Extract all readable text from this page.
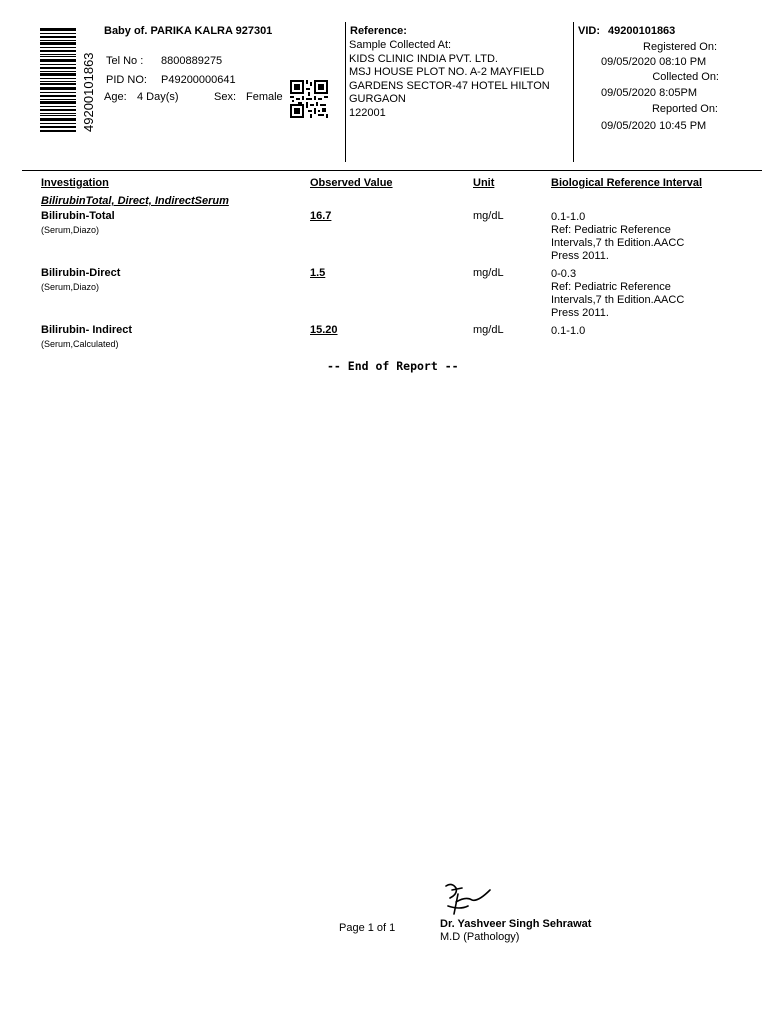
49200101863
Baby of. PARIKA KALRA 927301
Tel No : 8800889275
PID NO: P49200000641
Age: 4 Day(s)	Sex: Female
Reference:
Sample Collected At:
KIDS CLINIC INDIA PVT. LTD.
MSJ HOUSE PLOT NO. A-2 MAYFIELD
GARDENS SECTOR-47 HOTEL HILTON
GURGAON
122001
VID: 49200101863
Registered On:
09/05/2020 08:10 PM
Collected On:
09/05/2020 8:05PM
Reported On:
09/05/2020 10:45 PM
Investigation	Observed Value	Unit	Biological Reference Interval
BilirubinTotal, Direct, IndirectSerum
Bilirubin-Total
(Serum,Diazo)
16.7	mg/dL	0.1-1.0
Ref: Pediatric Reference
Intervals,7 th Edition.AACC
Press 2011.
Bilirubin-Direct
(Serum,Diazo)
1.5	mg/dL	0-0.3
Ref: Pediatric Reference
Intervals,7 th Edition.AACC
Press 2011.
Bilirubin- Indirect
(Serum,Calculated)
15.20	mg/dL	0.1-1.0
-- End of Report --
Page 1 of 1	Dr. Yashveer Singh Sehrawat
M.D (Pathology)
